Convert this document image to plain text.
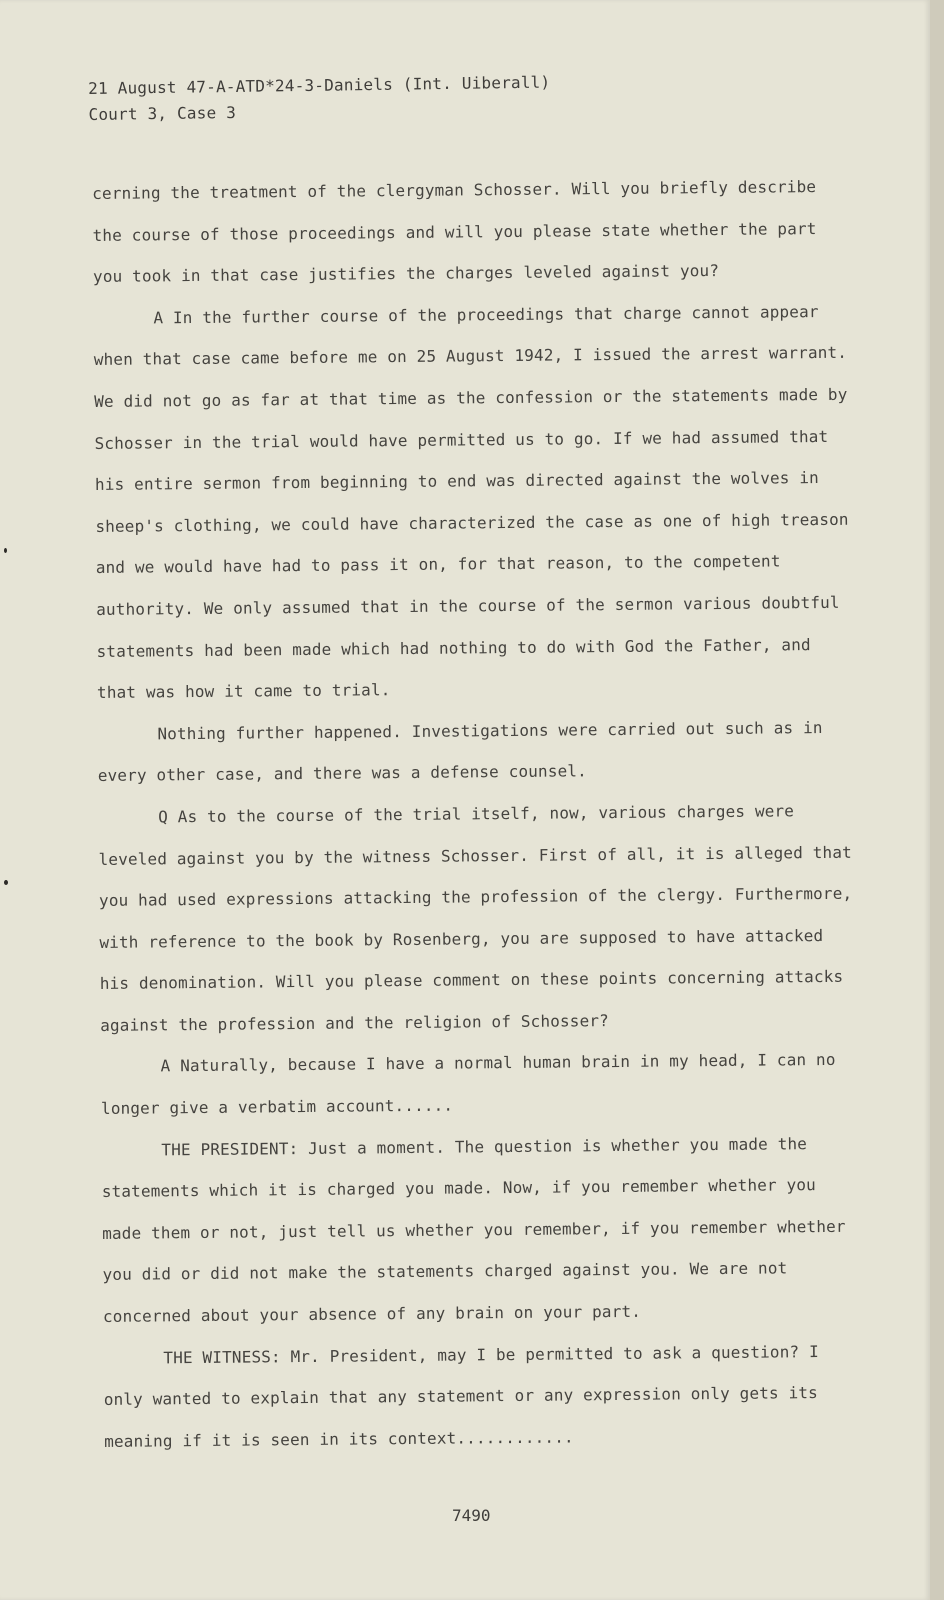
21 August 47-A-ATD*24-3-Daniels (Int. Uiberall)
Court 3, Case 3

cerning the treatment of the clergyman Schosser. Will you briefly describe the course of those proceedings and will you please state whether the part you took in that case justifies the charges leveled against you?

A In the further course of the proceedings that charge cannot appear when that case came before me on 25 August 1942, I issued the arrest warrant. We did not go as far at that time as the confession or the statements made by Schosser in the trial would have permitted us to go. If we had assumed that his entire sermon from beginning to end was directed against the wolves in sheep's clothing, we could have characterized the case as one of high treason and we would have had to pass it on, for that reason, to the competent authority. We only assumed that in the course of the sermon various doubtful statements had been made which had nothing to do with God the Father, and that was how it came to trial.

Nothing further happened. Investigations were carried out such as in every other case, and there was a defense counsel.

Q As to the course of the trial itself, now, various charges were leveled against you by the witness Schosser. First of all, it is alleged that you had used expressions attacking the profession of the clergy. Furthermore, with reference to the book by Rosenberg, you are supposed to have attacked his denomination. Will you please comment on these points concerning attacks against the profession and the religion of Schosser?

A Naturally, because I have a normal human brain in my head, I can no longer give a verbatim account......

THE PRESIDENT: Just a moment. The question is whether you made the statements which it is charged you made. Now, if you remember whether you made them or not, just tell us whether you remember, if you remember whether you did or did not make the statements charged against you. We are not concerned about your absence of any brain on your part.

THE WITNESS: Mr. President, may I be permitted to ask a question? I only wanted to explain that any statement or any expression only gets its meaning if it is seen in its context............

7490
